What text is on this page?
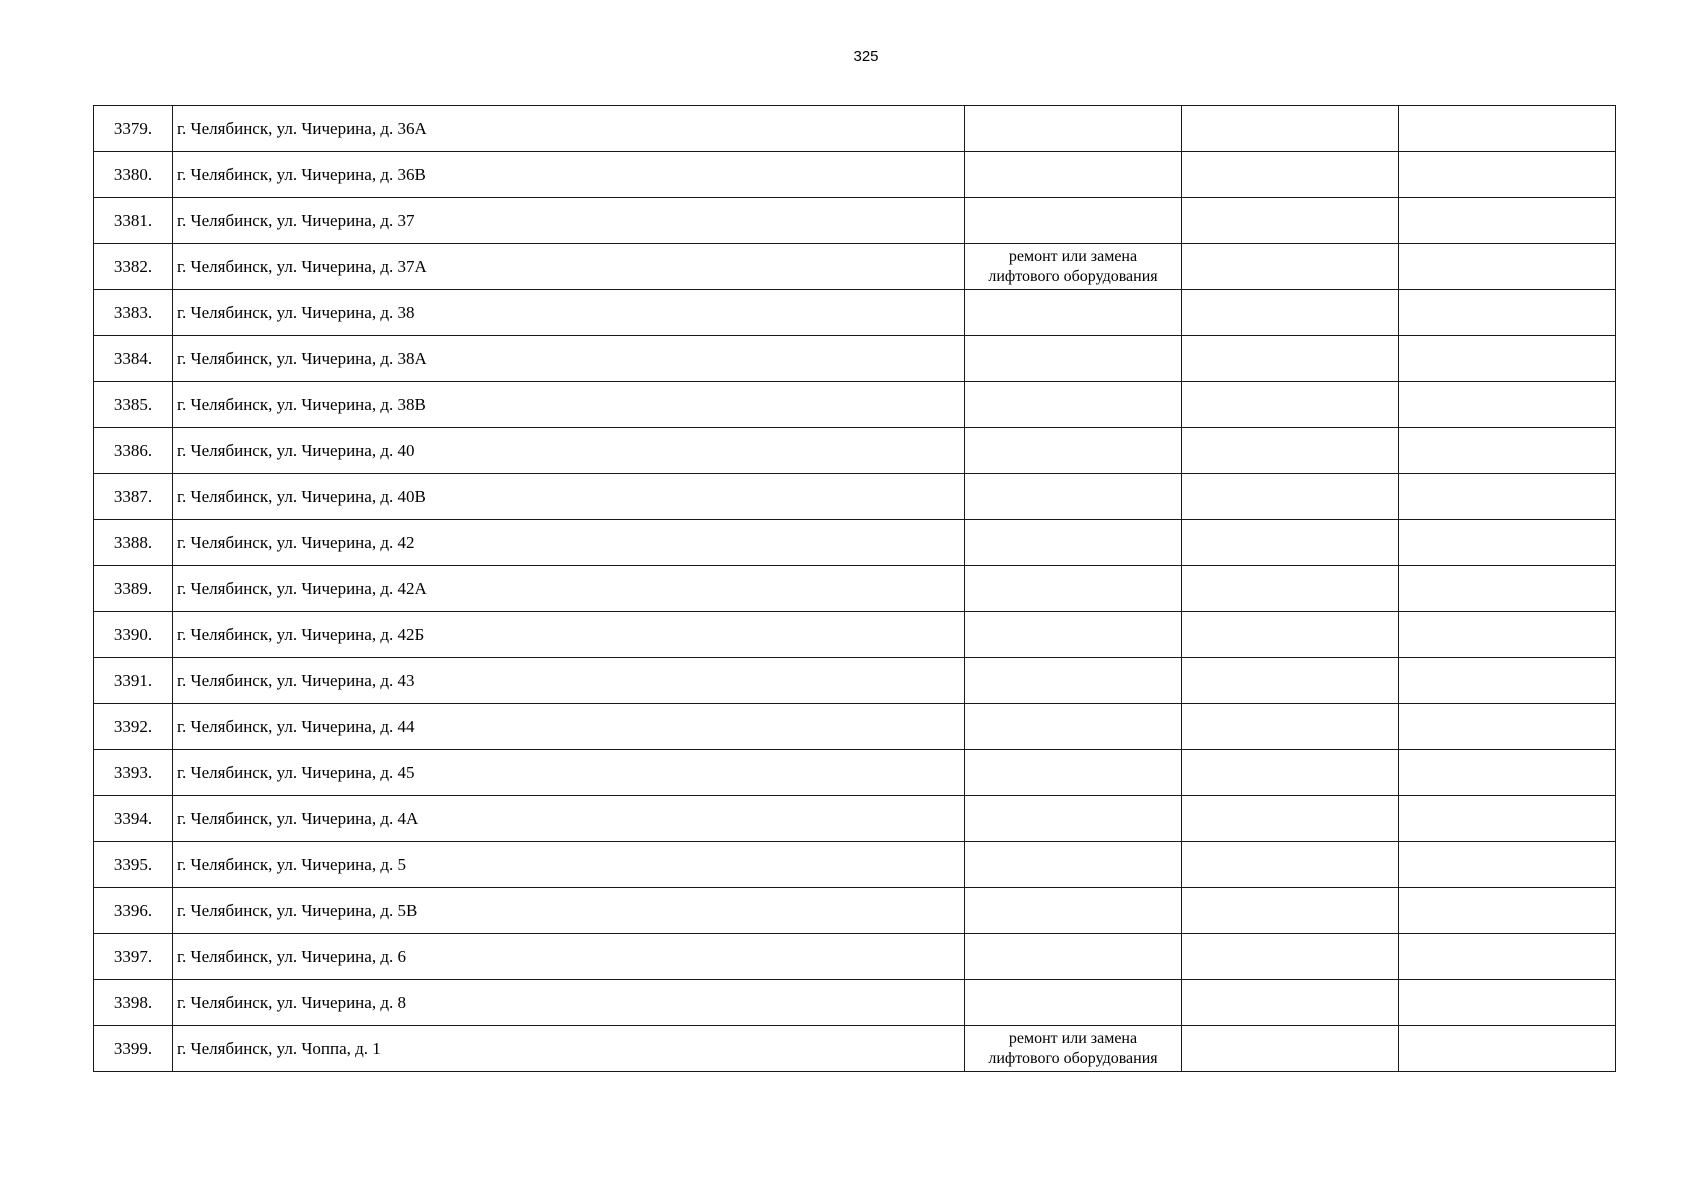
325
3379.	г. Челябинск, ул. Чичерина, д. 36А			
3380.	г. Челябинск, ул. Чичерина, д. 36В			
3381.	г. Челябинск, ул. Чичерина, д. 37			
3382.	г. Челябинск, ул. Чичерина, д. 37А	ремонт или замена
лифтового оборудования		

3383.	г. Челябинск, ул. Чичерина, д. 38			
3384.	г. Челябинск, ул. Чичерина, д. 38А			
3385.	г. Челябинск, ул. Чичерина, д. 38В			
3386.	г. Челябинск, ул. Чичерина, д. 40			
3387.	г. Челябинск, ул. Чичерина, д. 40В			
3388.	г. Челябинск, ул. Чичерина, д. 42			
3389.	г. Челябинск, ул. Чичерина, д. 42А			
3390.	г. Челябинск, ул. Чичерина, д. 42Б			
3391.	г. Челябинск, ул. Чичерина, д. 43			
3392.	г. Челябинск, ул. Чичерина, д. 44			
3393.	г. Челябинск, ул. Чичерина, д. 45			
3394.	г. Челябинск, ул. Чичерина, д. 4А			
3395.	г. Челябинск, ул. Чичерина, д. 5			
3396.	г. Челябинск, ул. Чичерина, д. 5В			
3397.	г. Челябинск, ул. Чичерина, д. 6			
3398.	г. Челябинск, ул. Чичерина, д. 8			
3399.	г. Челябинск, ул. Чоппа, д. 1	ремонт или замена
лифтового оборудования		
